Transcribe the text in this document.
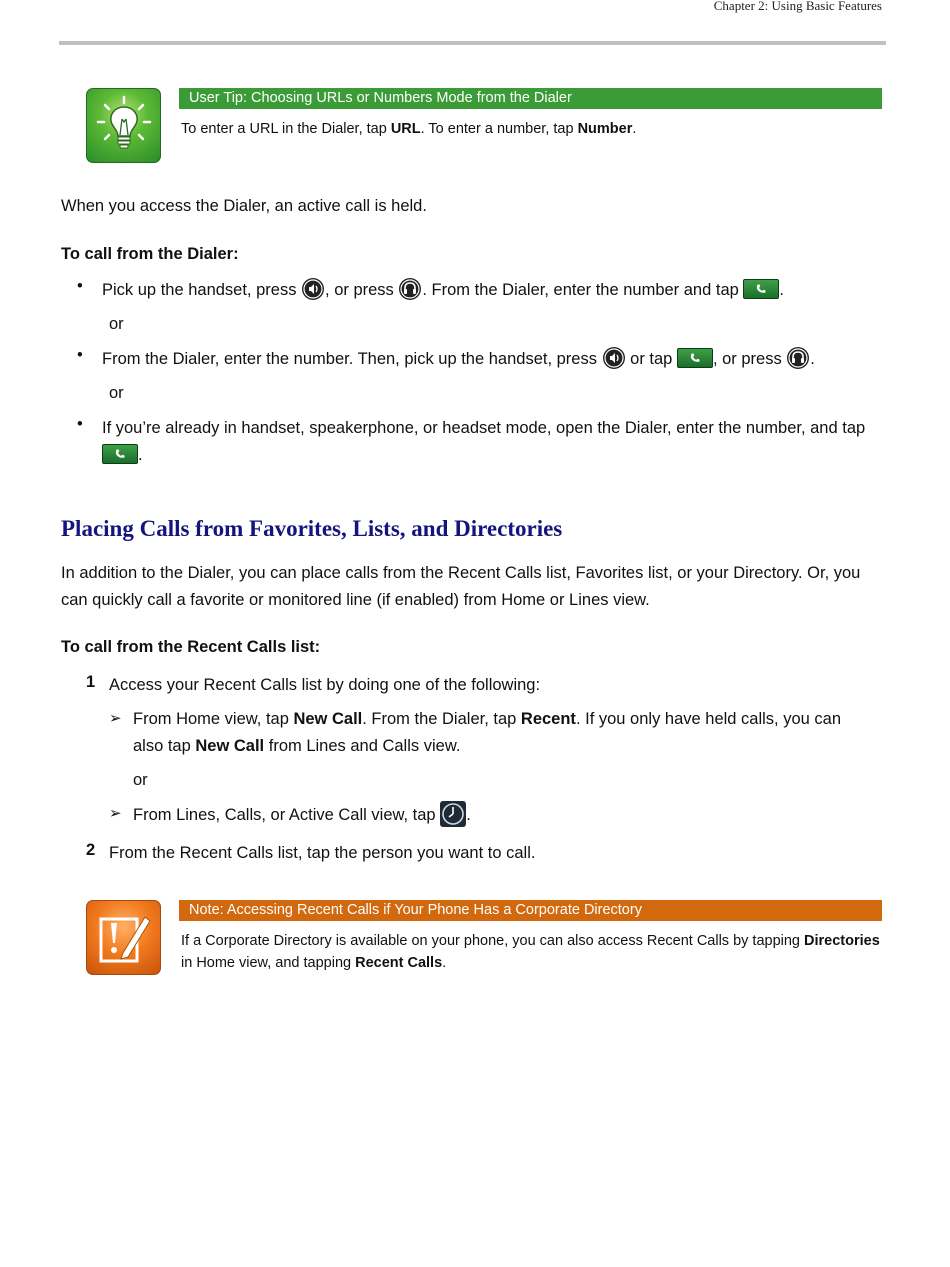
Chapter 2: Using Basic Features
User Tip: Choosing URLs or Numbers Mode from the Dialer
To enter a URL in the Dialer, tap URL. To enter a number, tap Number.
When you access the Dialer, an active call is held.
To call from the Dialer:
• Pick up the handset, press
, or press
. From the Dialer, enter the number and tap
.
or
• From the Dialer, enter the number. Then, pick up the handset, press
or tap
, or press
.
or
• If you’re already in handset, speakerphone, or headset mode, open the Dialer, enter the number, and tap
.
Placing Calls from Favorites, Lists, and Directories
In addition to the Dialer, you can place calls from the Recent Calls list, Favorites list, or your Directory. Or, you can quickly call a favorite or monitored line (if enabled) from Home or Lines view.
To call from the Recent Calls list:
1 Access your Recent Calls list by doing one of the following:
➢ From Home view, tap New Call. From the Dialer, tap Recent. If you only have held calls, you can also tap New Call from Lines and Calls view.
or
➢ From Lines, Calls, or Active Call view, tap
.
2 From the Recent Calls list, tap the person you want to call.
Note: Accessing Recent Calls if Your Phone Has a Corporate Directory
If a Corporate Directory is available on your phone, you can also access Recent Calls by tapping Directories in Home view, and tapping Recent Calls.
